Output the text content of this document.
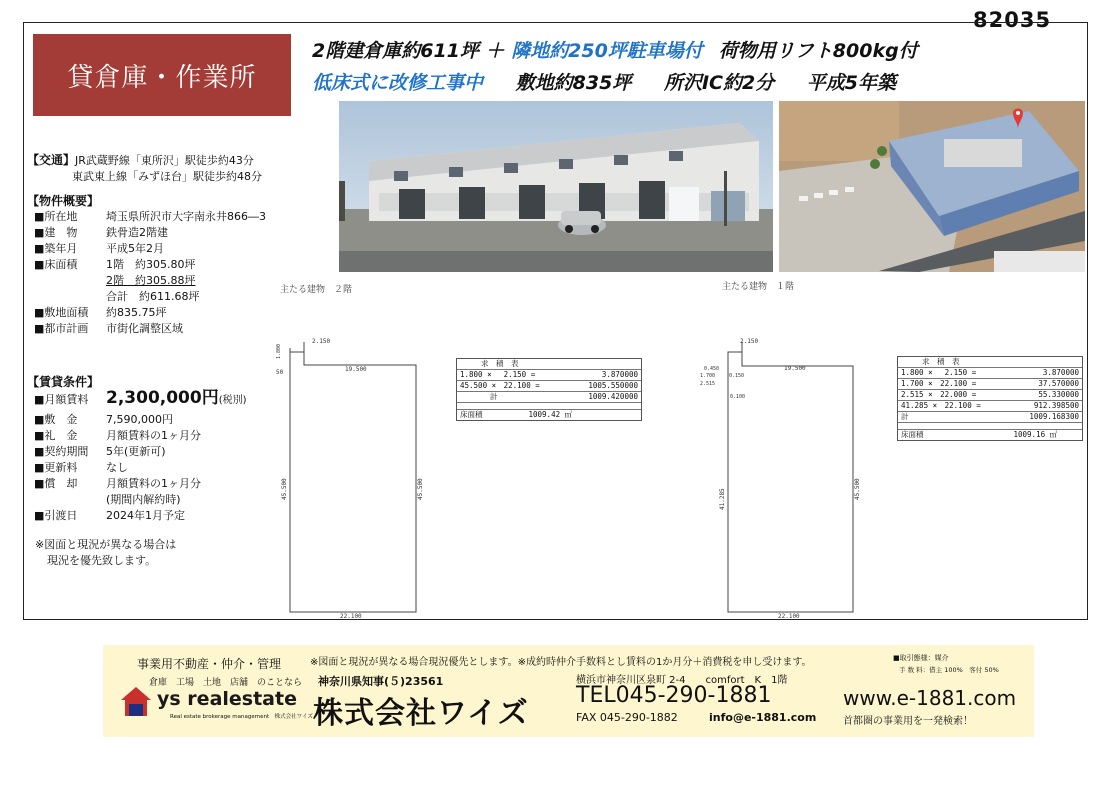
82035
貸倉庫・作業所
2階建倉庫約611坪 ＋ 隣地約250坪駐車場付 荷物用リフト800kg付
低床式に改修工事中 敷地約835坪 所沢IC約2分 平成5年築
【交通】JR武蔵野線「東所沢」駅徒歩約43分
東武東上線「みずほ台」駅徒歩約48分
【物件概要】
■所在地	埼玉県所沢市大字南永井866―3
■建　物	鉄骨造2階建
■築年月	平成5年2月
■床面積	1階　約305.80坪
2階　約305.88坪
合計　約611.68坪
■敷地面積	約835.75坪
■都市計画	市街化調整区域
【賃貸条件】
■月額賃料	2,300,000円 (税別)
■敷　金	7,590,000円
■礼　金	月額賃料の1ヶ月分
■契約期間	5年(更新可)
■更新料	なし
■償　却	月額賃料の1ヶ月分
(期間内解約時)
■引渡日	2024年1月予定
※図面と現況が異なる場合は
現況を優先致します。
主たる建物　２階
2.150
19.500
50
1.800
45.500	45.500
22.100
求　積　表
1.800 ×　 2.150 =	3.870000
45.500 ×　22.100 =	1005.550000
計	1009.420000
床面積	1009.42 ㎡
主たる建物　１階
2.150
19.500
0.450
1.700	0.150
2.515
0.100
41.285	45.500
22.100
求　積　表
1.800 ×　 2.150 =	3.870000
1.700 ×　22.100 =	37.570000
2.515 ×　22.000 =	55.330000
41.285 ×　22.100 =	912.398500
計	1009.168300
床面積	1009.16 ㎡
事業用不動産・仲介・管理
倉庫　工場　土地　店舗　のことなら
ys realestate
Real estate brokerage management　 株式会社ワイズ
※図面と現況が異なる場合現況優先とします。※成約時仲介手数料とし賃料の1か月分＋消費税を申し受けます。	■取引態様：媒介
手 数 料：借主 100%　客付 50%
神奈川県知事(５)23561
株式会社ワイズ
横浜市神奈川区泉町 2-4　　comfort　K　1階
TEL045-290-1881
FAX 045-290-1882	info@e-1881.com
www.e-1881.com
首都圏の事業用を一発検索！
